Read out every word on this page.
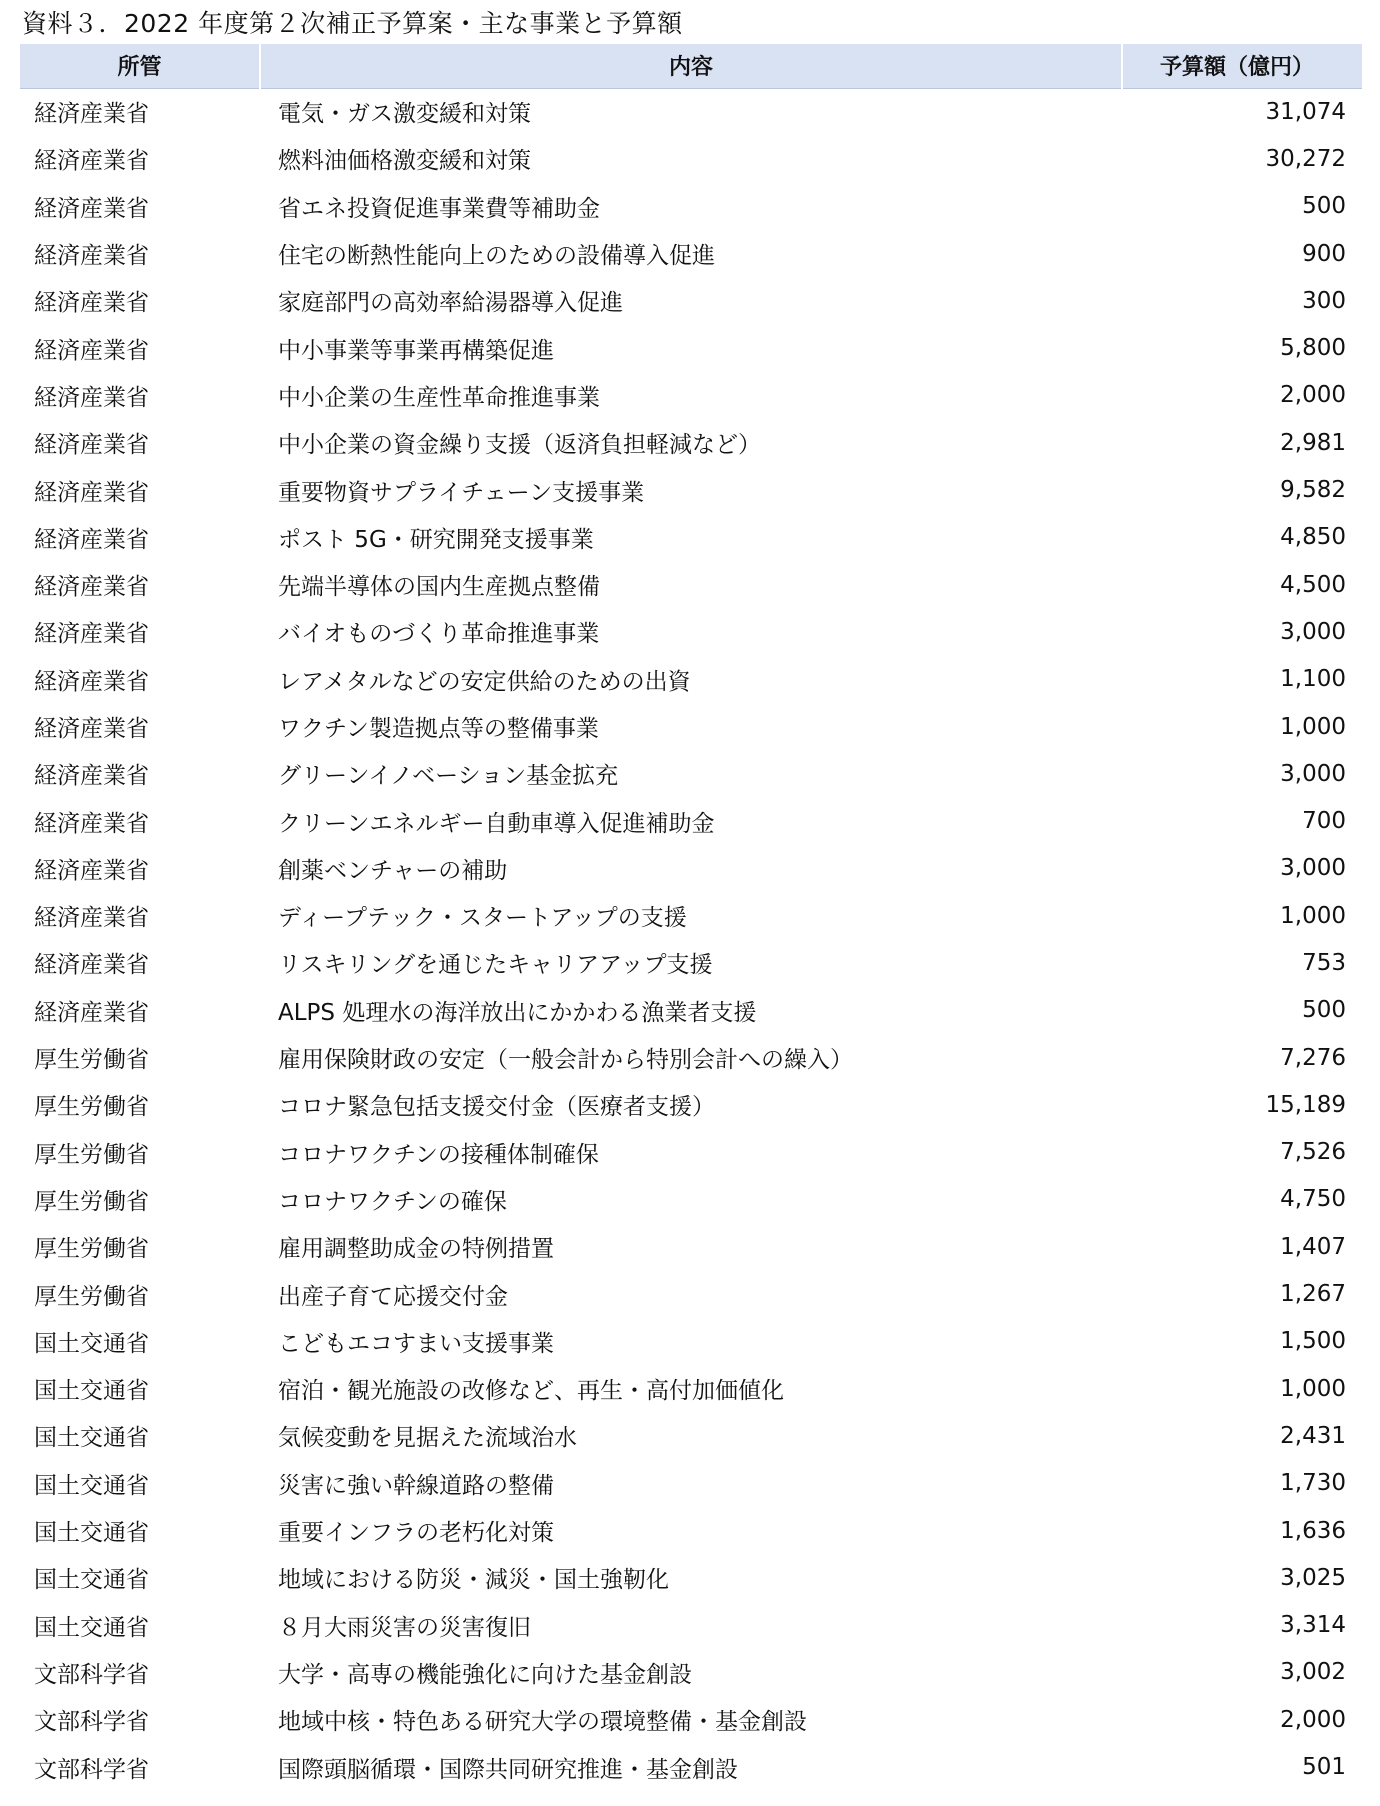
資料３．2022 年度第２次補正予算案・主な事業と予算額
所管	内容	予算額（億円）
経済産業省	電気・ガス激変緩和対策	31,074
経済産業省	燃料油価格激変緩和対策	30,272
経済産業省	省エネ投資促進事業費等補助金	500
経済産業省	住宅の断熱性能向上のための設備導入促進	900
経済産業省	家庭部門の高効率給湯器導入促進	300
経済産業省	中小事業等事業再構築促進	5,800
経済産業省	中小企業の生産性革命推進事業	2,000
経済産業省	中小企業の資金繰り支援（返済負担軽減など）	2,981
経済産業省	重要物資サプライチェーン支援事業	9,582
経済産業省	ポスト 5G・研究開発支援事業	4,850
経済産業省	先端半導体の国内生産拠点整備	4,500
経済産業省	バイオものづくり革命推進事業	3,000
経済産業省	レアメタルなどの安定供給のための出資	1,100
経済産業省	ワクチン製造拠点等の整備事業	1,000
経済産業省	グリーンイノベーション基金拡充	3,000
経済産業省	クリーンエネルギー自動車導入促進補助金	700
経済産業省	創薬ベンチャーの補助	3,000
経済産業省	ディープテック・スタートアップの支援	1,000
経済産業省	リスキリングを通じたキャリアアップ支援	753
経済産業省	ALPS 処理水の海洋放出にかかわる漁業者支援	500
厚生労働省	雇用保険財政の安定（一般会計から特別会計への繰入）	7,276
厚生労働省	コロナ緊急包括支援交付金（医療者支援）	15,189
厚生労働省	コロナワクチンの接種体制確保	7,526
厚生労働省	コロナワクチンの確保	4,750
厚生労働省	雇用調整助成金の特例措置	1,407
厚生労働省	出産子育て応援交付金	1,267
国土交通省	こどもエコすまい支援事業	1,500
国土交通省	宿泊・観光施設の改修など、再生・高付加価値化	1,000
国土交通省	気候変動を見据えた流域治水	2,431
国土交通省	災害に強い幹線道路の整備	1,730
国土交通省	重要インフラの老朽化対策	1,636
国土交通省	地域における防災・減災・国土強靭化	3,025
国土交通省	８月大雨災害の災害復旧	3,314
文部科学省	大学・高専の機能強化に向けた基金創設	3,002
文部科学省	地域中核・特色ある研究大学の環境整備・基金創設	2,000
文部科学省	国際頭脳循環・国際共同研究推進・基金創設	501
